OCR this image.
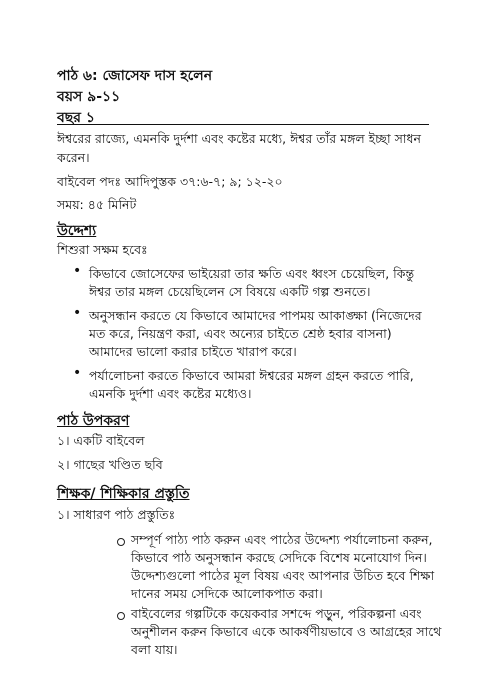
পাঠ ৬: জোসেফ দাস হলেন
বয়স ৯-১১
বছর ১
ঈশ্বরের রাজ্যে, এমনকি দুর্দশা এবং কষ্টের মধ্যে, ঈশ্বর তাঁর মঙ্গল ইচ্ছা সাধন
করেন।
বাইবেল পদঃ আদিপুস্তক ৩৭:৬-৭; ৯; ১২-২০
সময়: ৪৫ মিনিট
উদ্দেশ্য
শিশুরা সক্ষম হবেঃ
• কিভাবে জোসেফের ভাইয়েরা তার ক্ষতি এবং ধ্বংস চেয়েছিল, কিন্তু
ঈশ্বর তার মঙ্গল চেয়েছিলেন সে বিষয়ে একটি গল্প শুনতে।
• অনুসন্ধান করতে যে কিভাবে আমাদের পাপময় আকাঙ্ক্ষা (নিজেদের
মত করে, নিয়ন্ত্রণ করা, এবং অন্যের চাইতে শ্রেষ্ঠ হবার বাসনা)
আমাদের ভালো করার চাইতে খারাপ করে।
• পর্যালোচনা করতে কিভাবে আমরা ঈশ্বরের মঙ্গল গ্রহন করতে পারি,
এমনকি দুর্দশা এবং কষ্টের মধ্যেও।
পাঠ উপকরণ
১। একটি বাইবেল
২। গাছের খণ্ডিত ছবি
শিক্ষক/ শিক্ষিকার প্রস্তুতি
১। সাধারণ পাঠ প্রস্তুতিঃ
সম্পূর্ণ পাঠ্য পাঠ করুন এবং পাঠের উদ্দেশ্য পর্যালোচনা করুন,
কিভাবে পাঠ অনুসন্ধান করছে সেদিকে বিশেষ মনোযোগ দিন।
উদ্দেশ্যগুলো পাঠের মূল বিষয় এবং আপনার উচিত হবে শিক্ষা
দানের সময় সেদিকে আলোকপাত করা।
বাইবেলের গল্পটিকে কয়েকবার সশব্দে পড়ুন, পরিকল্পনা এবং
অনুশীলন করুন কিভাবে একে আকর্ষণীয়ভাবে ও আগ্রহের সাথে
বলা যায়।
